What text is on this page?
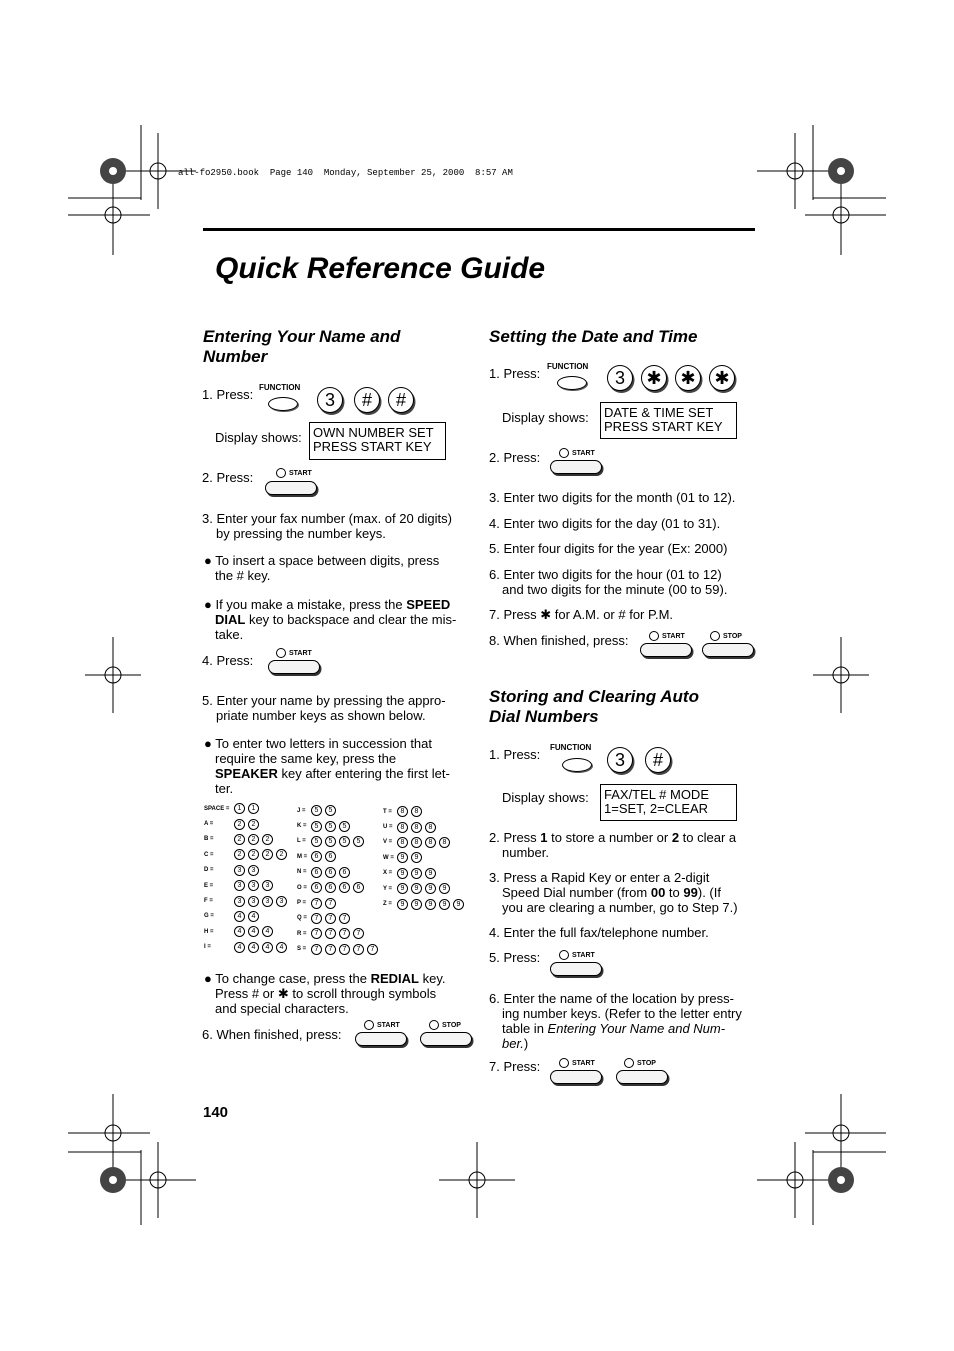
all-fo2950.book  Page 140  Monday, September 25, 2000  8:57 AM
Quick Reference Guide
Entering Your Name and
Number
1. Press: FUNCTION
3	#	#
Display shows: OWN NUMBER SET
PRESS START KEY
2. Press:	START
3. Enter your fax number (max. of 20 digits)
by pressing the number keys.
● To insert a space between digits, press
the # key.
● If you make a mistake, press the SPEED
DIAL key to backspace and clear the mis-
take.
4. Press:	START
5. Enter your name by pressing the appro-
priate number keys as shown below.
● To enter two letters in succession that
require the same key, press the
SPEAKER key after entering the first let-
ter.
SPACE =	1	1
A =	2	2
B =	2	2	2
C =	2	2	2	2
D =	3	3
E =	3	3	3
F =	3	3	3	3
G =	4	4
H =	4	4	4
I =	4	4	4	4
J =	5	5
K =	5	5	5
L =	5	5	5	5
M =	6	6
N =	6	6	6
O =	6	6	6	6
P =	7	7
Q =	7	7	7
R =	7	7	7	7
S =	7	7	7	7	7
T =	8	8
U =	8	8	8
V =	8	8	8	8
W = 9	9
X =	9	9	9
Y =	9	9	9	9
Z =	9	9	9	9	9
● To change case, press the REDIAL key.
Press # or ✱ to scroll through symbols
and special characters.
6. When finished, press:
START	STOP
140
Setting the Date and Time
1. Press: FUNCTION
3	✱	✱	✱
Display shows: DATE & TIME SET
PRESS START KEY
2. Press:	START
3. Enter two digits for the month (01 to 12).
4. Enter two digits for the day (01 to 31).
5. Enter four digits for the year (Ex: 2000)
6. Enter two digits for the hour (01 to 12)
and two digits for the minute (00 to 59).
7. Press ✱ for A.M. or # for P.M.
8. When finished, press:	START	STOP
Storing and Clearing Auto
Dial Numbers
1. Press: FUNCTION
3	#
Display shows: FAX/TEL # MODE
1=SET, 2=CLEAR
2. Press 1 to store a number or 2 to clear a
number.
3. Press a Rapid Key or enter a 2-digit
Speed Dial number (from 00 to 99). (If
you are clearing a number, go to Step 7.)
4. Enter the full fax/telephone number.
5. Press:	START
6. Enter the name of the location by press-
ing number keys. (Refer to the letter entry
table in Entering Your Name and Num-
ber.)
7. Press:	START	STOP
